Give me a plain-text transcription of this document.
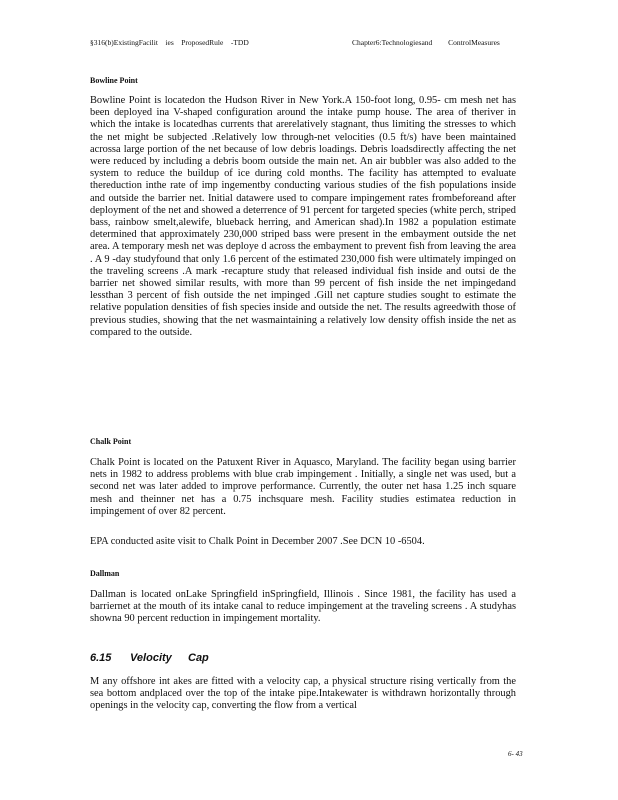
§316(b)ExistingFacilit    ies    ProposedRule    -TDD	Chapter6:Technologiesand ControlMeasures
Bowline Point

Bowline Point is locatedon the Hudson River in New York.A 150-foot long, 0.95- cm mesh net has been deployed ina V-shaped configuration around the intake pump house. The area of theriver in which the intake is locatedhas currents that arerelatively stagnant, thus limiting the stresses to which the net might be subjected .Relatively low through-net velocities (0.5 ft/s) have been maintained acrossa large portion of the net because of low debris loadings. Debris loadsdirectly affecting the net were reduced by including a debris boom outside the main net. An air bubbler was also added to the system to reduce the buildup of ice during cold months. The facility has attempted to evaluate thereduction inthe rate of imp ingementby conducting various studies of the fish populations inside and outside the barrier net. Initial datawere used to compare impingement rates frombeforeand after deployment of the net and showed a deterrence of 91 percent for targeted species (white perch, striped bass, rainbow smelt,alewife, blueback herring, and American shad).In 1982 a population estimate determined that approximately 230,000 striped bass were present in the embayment outside the net area. A temporary mesh net was deploye d across the embayment to prevent fish from leaving the area . A 9 -day studyfound that only 1.6 percent of the estimated 230,000 fish were ultimately impinged on the traveling screens .A mark -recapture study that released individual fish inside and outsi de the barrier net showed similar results, with more than 99 percent of fish inside the net impingedand lessthan 3 percent of fish outside the net impinged .Gill net capture studies sought to estimate the relative population densities of fish species inside and outside the net. The results agreedwith those of previous studies, showing that the net wasmaintaining a relatively low density offish inside the net as compared to the outside.

Chalk Point

Chalk Point is located on the Patuxent River in Aquasco, Maryland. The facility began using barrier nets in 1982 to address problems with blue crab impingement . Initially, a single net was used, but a second net was later added to improve performance. Currently, the outer net hasa 1.25 inch square mesh and theinner net has a 0.75 inchsquare mesh. Facility studies estimatea reduction in impingement of over 82 percent.

EPA conducted asite visit to Chalk Point in December 2007 .See DCN 10 -6504.

Dallman

Dallman is located onLake Springfield inSpringfield, Illinois . Since 1981, the facility has used a barriernet at the mouth of its intake canal to reduce impingement at the traveling screens . A studyhas showna 90 percent reduction in impingement mortality.

6.15 Velocity Cap

M any offshore int akes are fitted with a velocity cap, a physical structure rising vertically from the sea bottom andplaced over the top of the intake pipe.Intakewater is withdrawn horizontally through openings in the velocity cap, converting the flow from a vertical

6- 43
